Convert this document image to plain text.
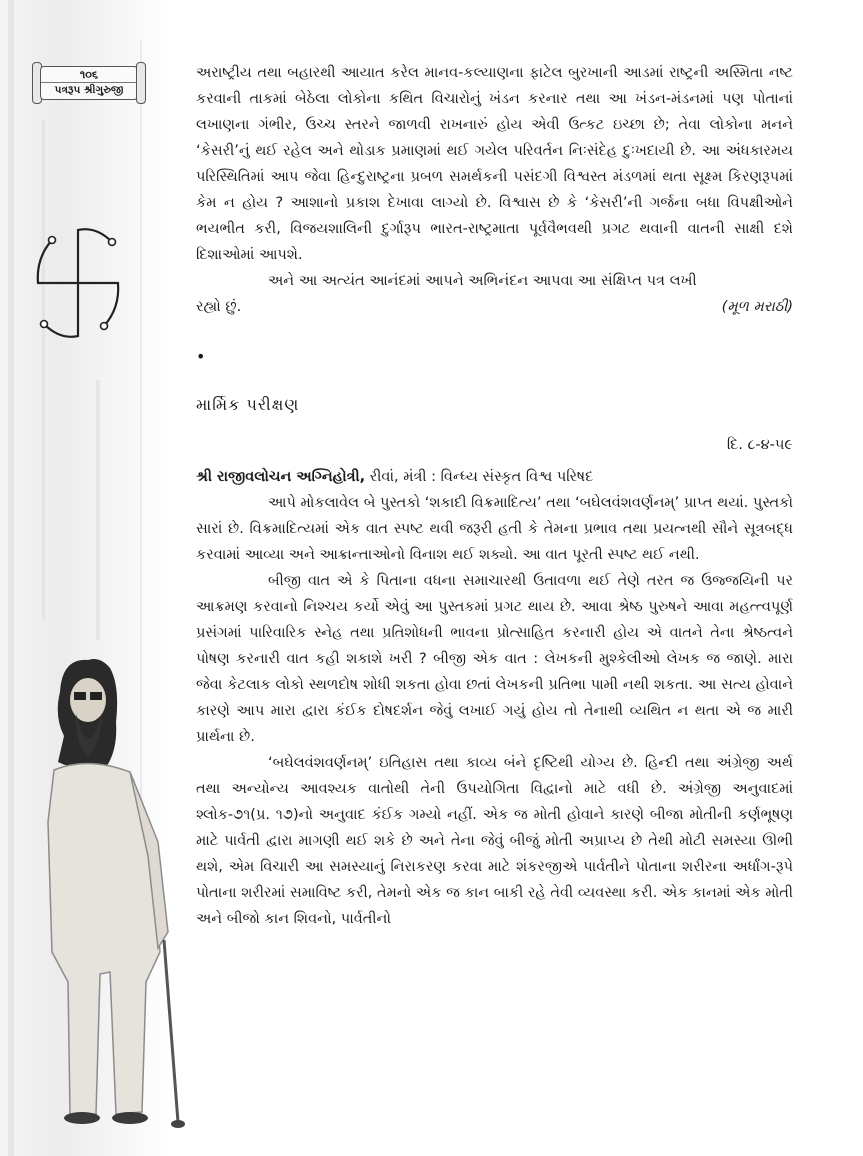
૧૦૬
પત્રરૂપ શ્રીગુરુજી

અરાષ્ટ્રીય તથા બહારથી આયાત કરેલ માનવ-કલ્યાણના ફાટેલ બુરખાની આડમાં રાષ્ટ્રની અસ્મિતા નષ્ટ કરવાની તાકમાં બેઠેલા લોકોના કથિત વિચારોનું ખંડન કરનાર તથા આ ખંડન-મંડનમાં પણ પોતાનાં લખાણના ગંભીર, ઉચ્ચ સ્તરને જાળવી રાખનારું હોય એવી ઉત્કટ ઇચ્છા છે; તેવા લોકોના મનને ‘કેસરી’નું થઈ રહેલ અને થોડાક પ્રમાણમાં થઈ ગયેલ પરિવર્તન નિઃસંદેહ દુઃખદાયી છે. આ અંધકારમય પરિસ્થિતિમાં આપ જેવા હિન્દુરાષ્ટ્રના પ્રબળ સમર્થકની પસંદગી વિશ્વસ્ત મંડળમાં થતા સૂક્ષ્મ કિરણરૂપમાં કેમ ન હોય ? આશાનો પ્રકાશ દેખાવા લાગ્યો છે. વિશ્વાસ છે કે ‘કેસરી’ની ગર્જના બધા વિપક્ષીઓને ભયભીત કરી, વિજયશાલિની દુર્ગારૂપ ભારત-રાષ્ટ્રમાતા પૂર્વવૈભવથી પ્રગટ થવાની વાતની સાક્ષી દશે દિશાઓમાં આપશે.

અને આ અત્યંત આનંદમાં આપને અભિનંદન આપવા આ સંક્ષિપ્ત પત્ર લખી

રહ્યો છું.	(મૂળ મરાઠી)

•

માર્મિક પરીક્ષણ

દિ. ૮-૪-૫૯

શ્રી રાજીવલોચન અગ્નિહોત્રી, રીવાં, મંત્રી : વિન્ધ્ય સંસ્કૃત વિશ્વ પરિષદ

આપે મોકલાવેલ બે પુસ્તકો ‘શકાદી વિક્રમાદિત્ય’ તથા ‘બઘેલવંશવર્ણનમ્’ પ્રાપ્ત થયાં. પુસ્તકો સારાં છે. વિક્રમાદિત્યમાં એક વાત સ્પષ્ટ થવી જરૂરી હતી કે તેમના પ્રભાવ તથા પ્રયત્નથી સૌને સૂત્રબદ્ધ કરવામાં આવ્યા અને આક્રાન્તાઓનો વિનાશ થઈ શક્યો. આ વાત પૂરતી સ્પષ્ટ થઈ નથી.

બીજી વાત એ કે પિતાના વધના સમાચારથી ઉતાવળા થઈ તેણે તરત જ ઉજ્જયિની પર આક્રમણ કરવાનો નિશ્ચય કર્યો એવું આ પુસ્તકમાં પ્રગટ થાય છે. આવા શ્રેષ્ઠ પુરુષને આવા મહત્ત્વપૂર્ણ પ્રસંગમાં પારિવારિક સ્નેહ તથા પ્રતિશોધની ભાવના પ્રોત્સાહિત કરનારી હોય એ વાતને તેના શ્રેષ્ઠત્વને પોષણ કરનારી વાત કહી શકાશે ખરી ? બીજી એક વાત : લેખકની મુશ્કેલીઓ લેખક જ જાણે. મારા જેવા કેટલાક લોકો સ્થળદોષ શોધી શકતા હોવા છતાં લેખકની પ્રતિભા પામી નથી શકતા. આ સત્ય હોવાને કારણે આપ મારા દ્વારા કંઈક દોષદર્શન જેવું લખાઈ ગયું હોય તો તેનાથી વ્યથિત ન થતા એ જ મારી પ્રાર્થના છે.

‘બઘેલવંશવર્ણનમ્’ ઇતિહાસ તથા કાવ્ય બંને દૃષ્ટિથી યોગ્ય છે. હિન્દી તથા અંગ્રેજી અર્થ તથા અન્યોન્ય આવશ્યક વાતોથી તેની ઉપયોગિતા વિદ્વાનો માટે વધી છે. અંગ્રેજી અનુવાદમાં શ્લોક-૭૧(પ્ર. ૧૭)નો અનુવાદ કંઈક ગમ્યો નહીં. એક જ મોતી હોવાને કારણે બીજા મોતીની કર્ણભૂષણ માટે પાર્વતી દ્વારા માગણી થઈ શકે છે અને તેના જેવું બીજું મોતી અપ્રાપ્ય છે તેથી મોટી સમસ્યા ઊભી થશે, એમ વિચારી આ સમસ્યાનું નિરાકરણ કરવા માટે શંકરજીએ પાર્વતીને પોતાના શરીરના અર્ધાંગ-રૂપે પોતાના શરીરમાં સમાવિષ્ટ કરી, તેમનો એક જ કાન બાકી રહે તેવી વ્યવસ્થા કરી. એક કાનમાં એક મોતી અને બીજો કાન શિવનો, પાર્વતીનો
